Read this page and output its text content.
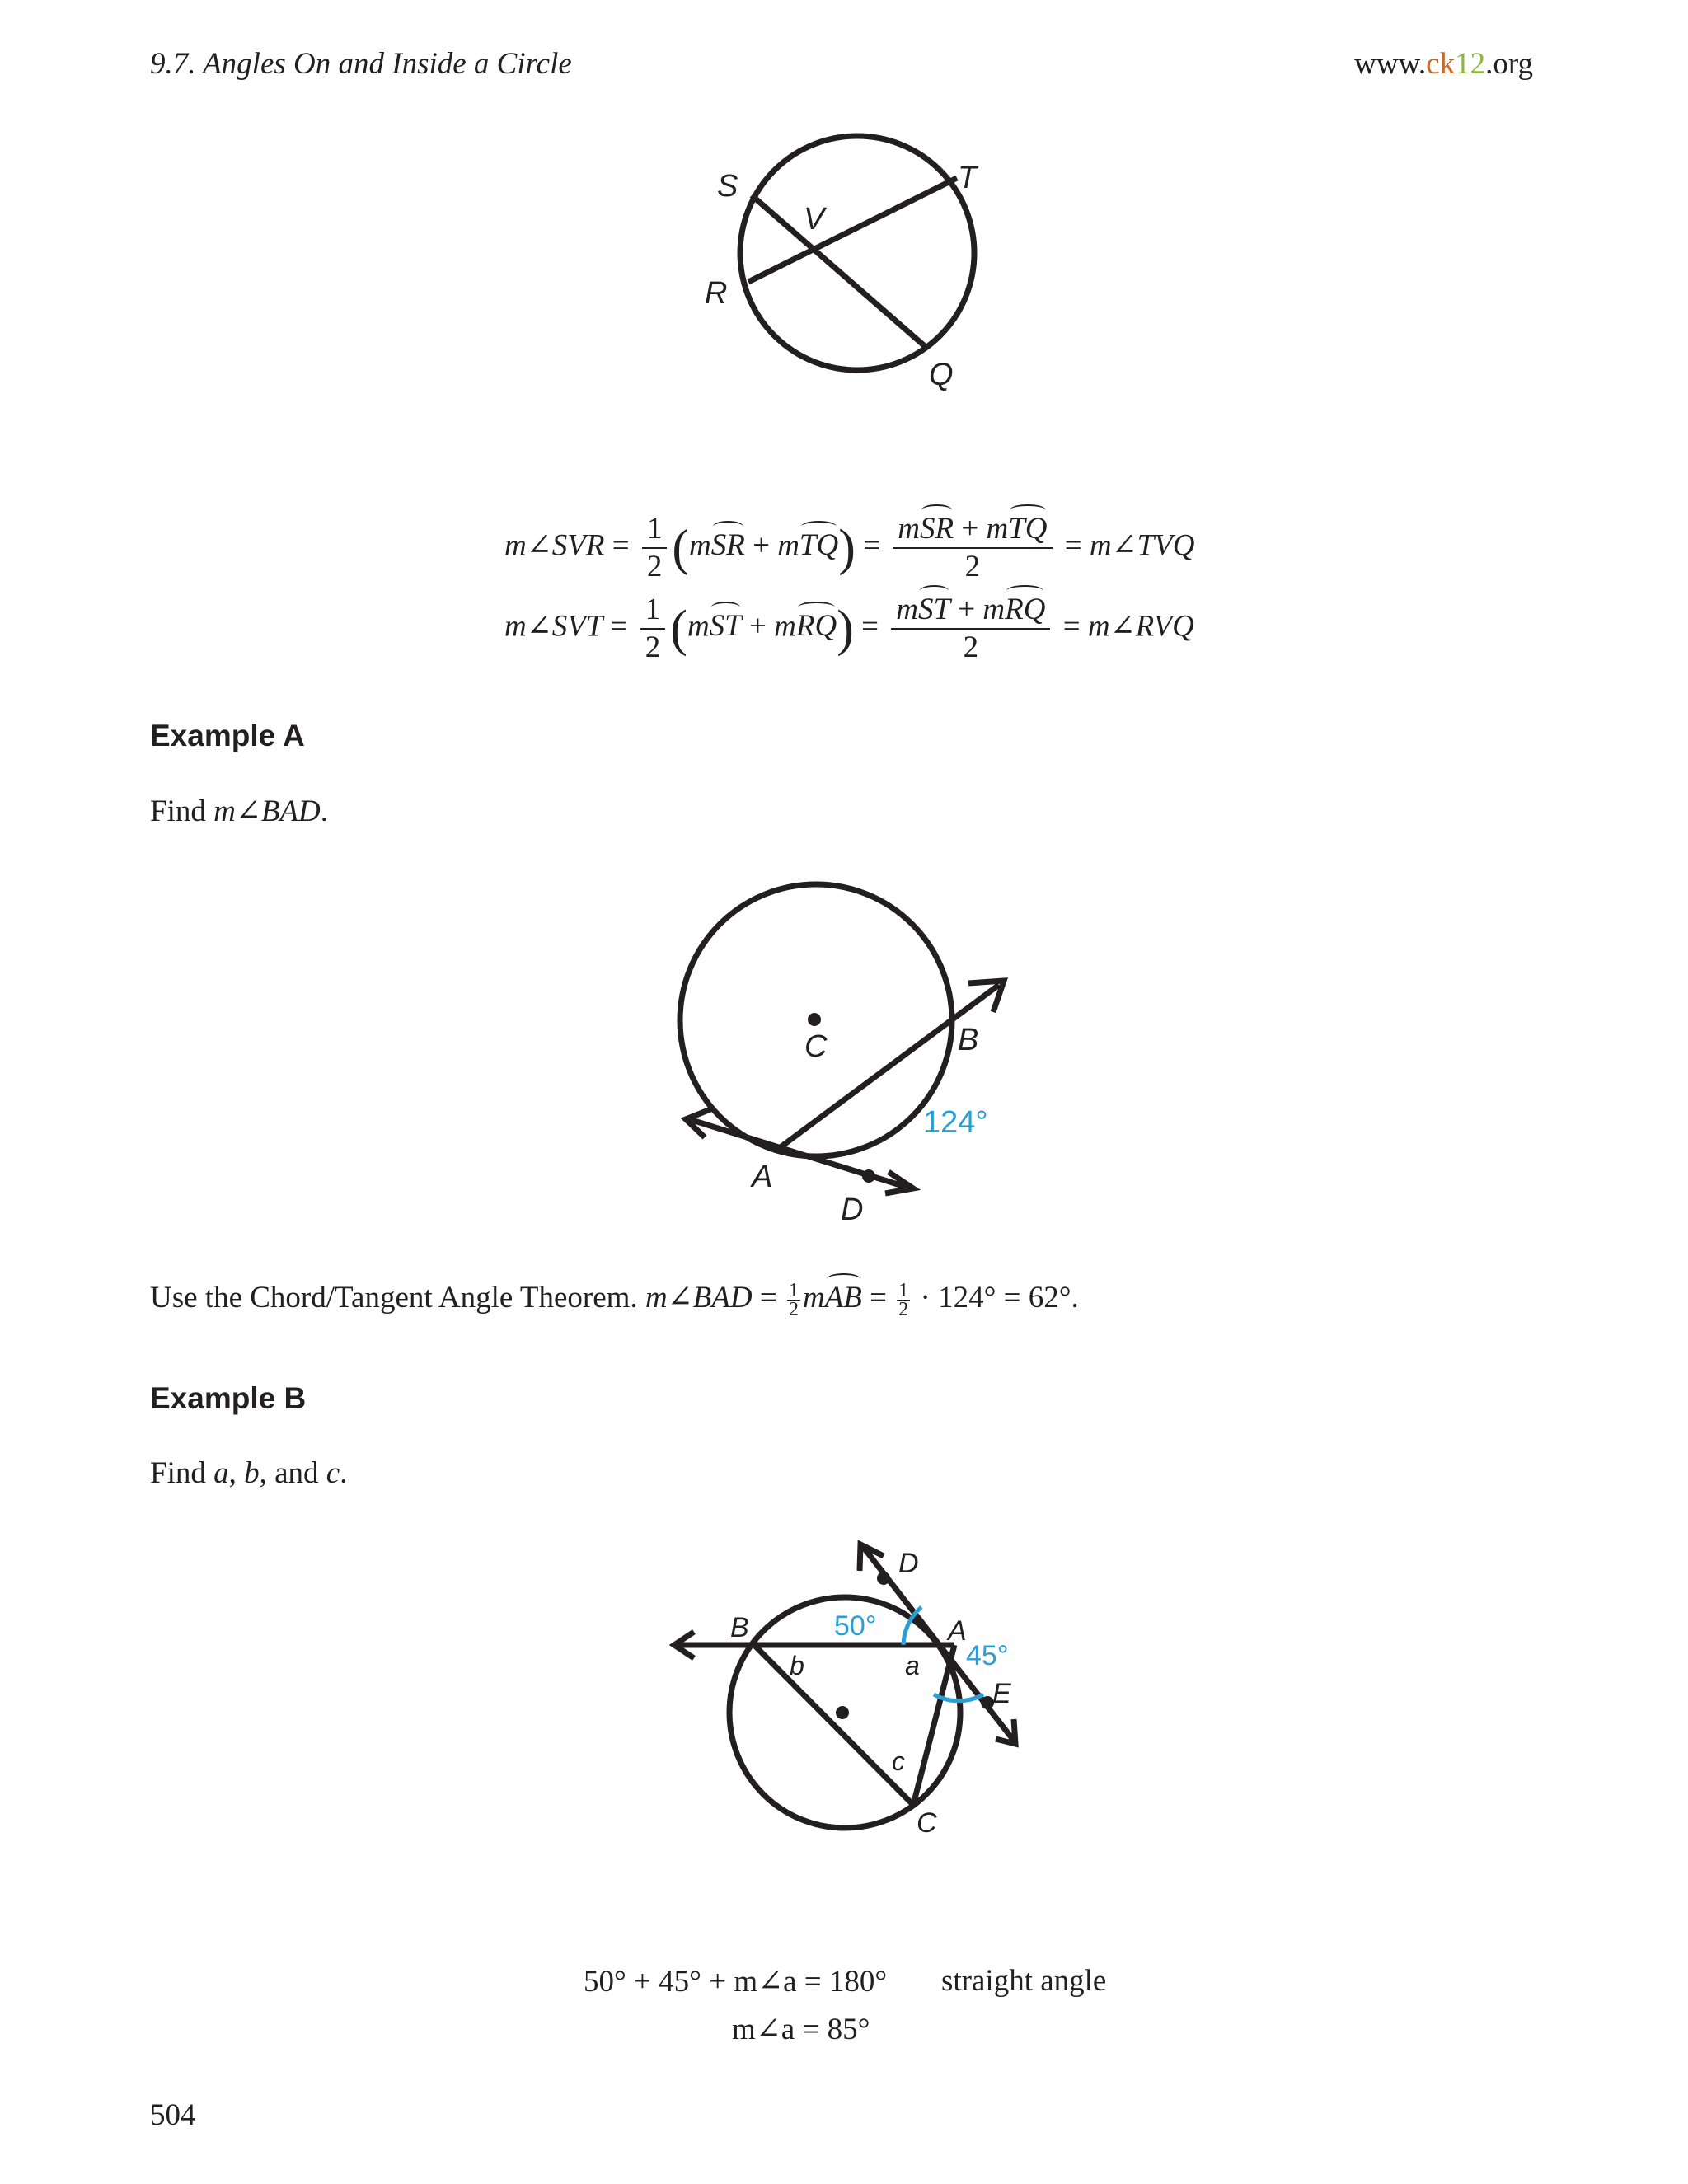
9.7. Angles On and Inside a Circle	www.ck12.org
S	T
V
R
Q
m∠SVR = $\frac{1}{2} (mSR + mTQ) = \frac{\text{mSR + mTQ}}{2}$ = m∠TVQ
m∠SVT = $\frac{1}{2} (mST + mRQ) = \frac{\text{mST + mRQ}}{2}$ = m∠RVQ
Example A
Find m∠BAD.
C	B
A
D
124°
Use the Chord/Tangent Angle Theorem. m∠BAD = $\frac{1}{2}$ mAB = $\frac{1}{2} \cdot 124^\circ = 62^\circ$.
Example B
Find a, b, and c.
D
B	A
E
C
a
b
c
50°
45°
50° + 45° + m∠a = 180° straight angle
m∠a = 85°
504
